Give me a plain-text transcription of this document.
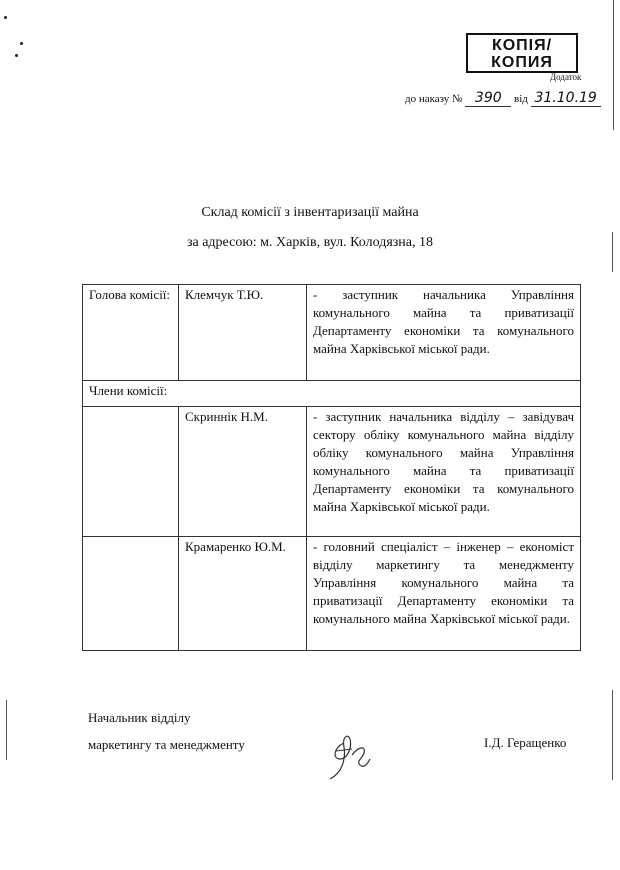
КОПІЯ/
КОПИЯ
Додаток
до наказу № 390 від 31.10.19
Склад комісії з інвентаризації майна
за адресою: м. Харків, вул. Колодязна, 18
Голова комісії:	Клемчук Т.Ю.	- заступник начальника Управління комунального майна та приватизації Департаменту економіки та комунального майна Харківської міської ради.
Члени комісії:		
	Скриннік Н.М.	- заступник начальника відділу – завідувач сектору обліку комунального майна відділу обліку комунального майна Управління комунального майна та приватизації Департаменту економіки та комунального майна Харківської міської ради.
	Крамаренко Ю.М.	- головний спеціаліст – інженер – економіст відділу маркетингу та менеджменту Управління комунального майна та приватизації Департаменту економіки та комунального майна Харківської міської ради.
Начальник відділу
маркетингу та менеджменту	І.Д. Геращенко
